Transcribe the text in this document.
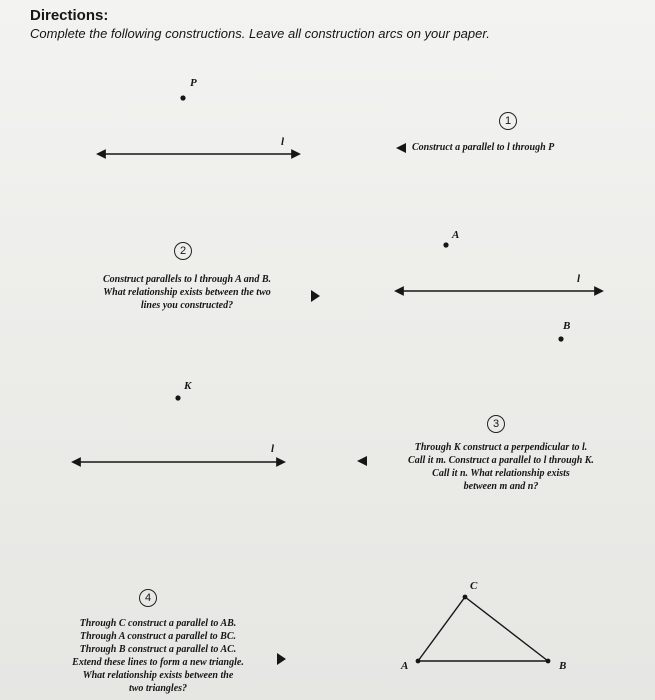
Directions:
Complete the following constructions. Leave all construction arcs on your paper.
P
l
1
Construct a parallel to l through P
2
Construct parallels to l through A and B.
What relationship exists between the two
lines you constructed?
A
l
B
K
l
3
Through K construct a perpendicular to l.
Call it m. Construct a parallel to l through K.
Call it n. What relationship exists
between m and n?
4
Through C construct a parallel to AB.
Through A construct a parallel to BC.
Through B construct a parallel to AC.
Extend these lines to form a new triangle.
What relationship exists between the
two triangles?
C
A	B
